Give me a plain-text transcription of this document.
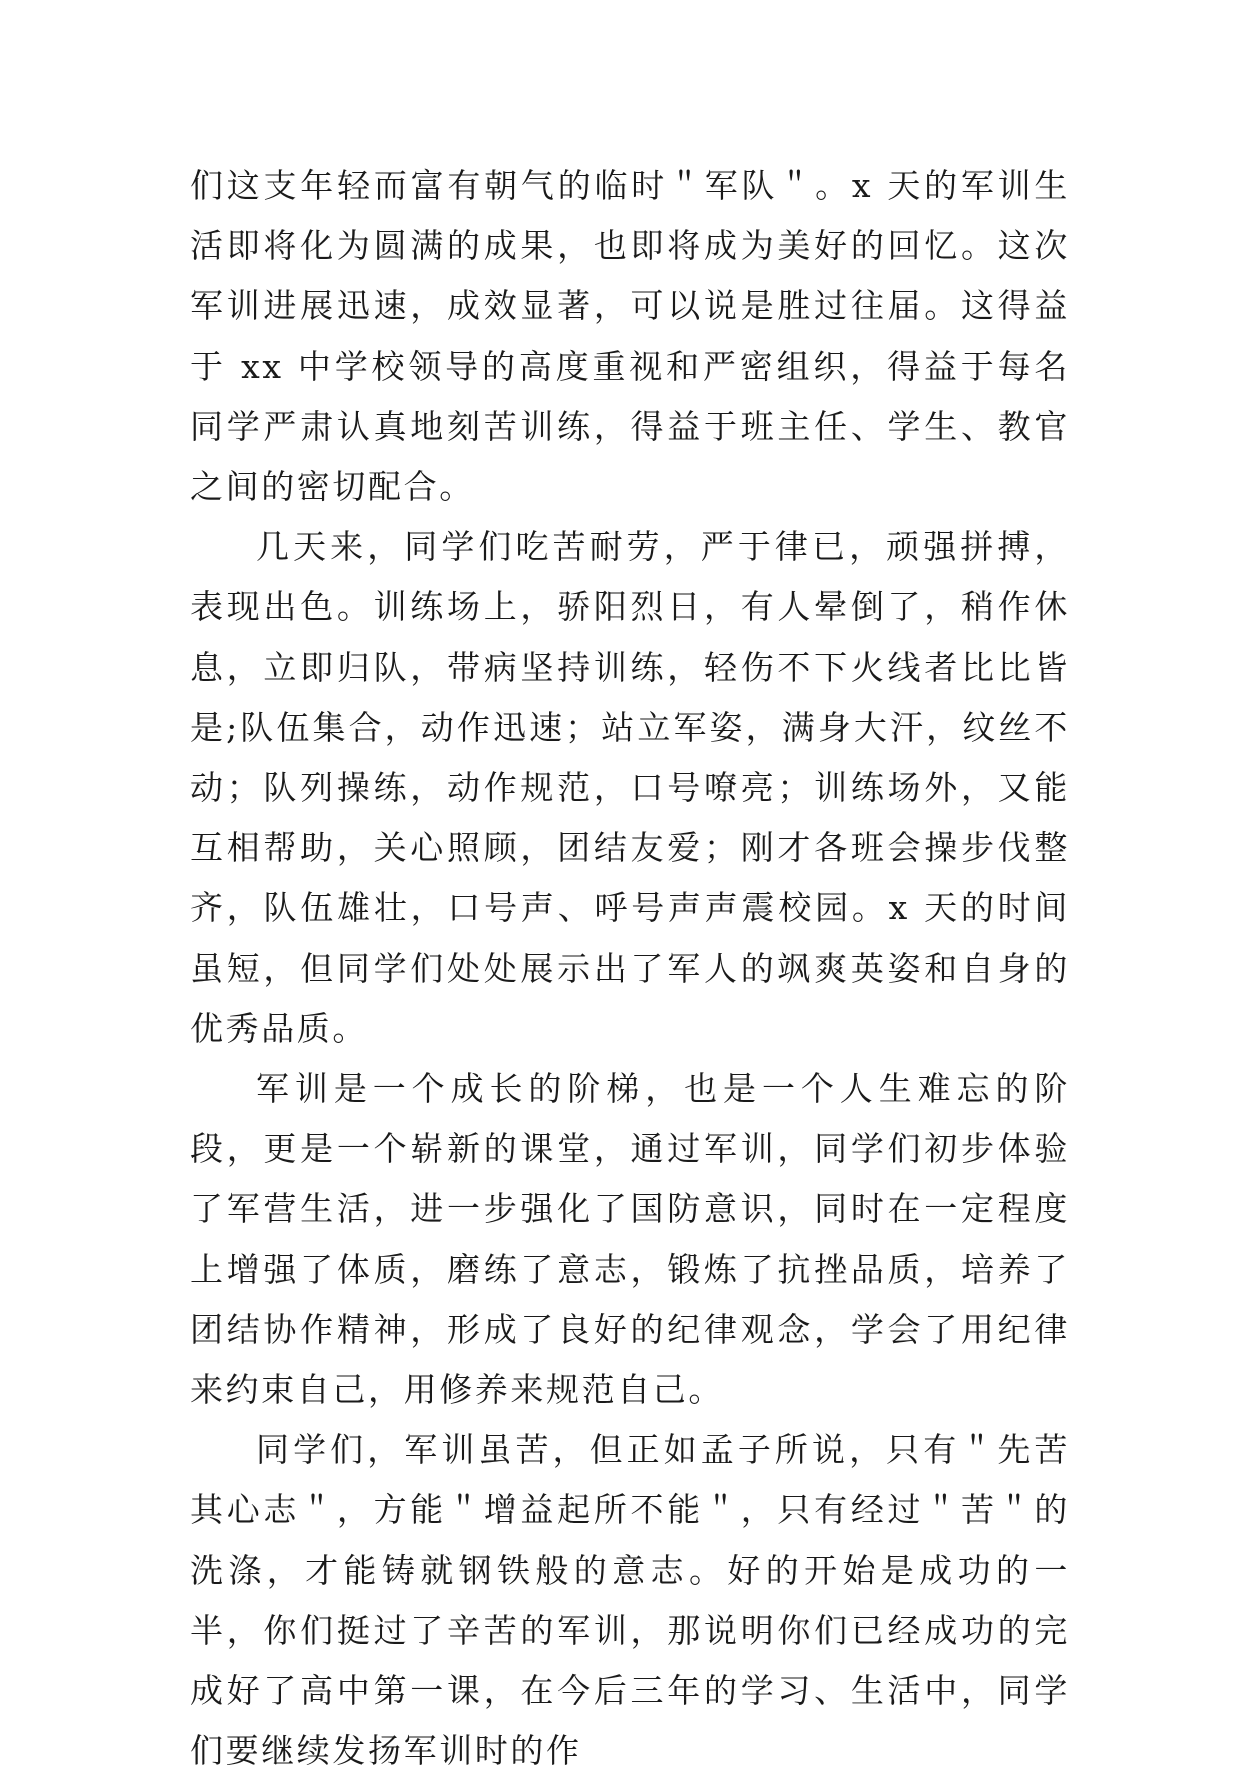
们这支年轻而富有朝气的临时＂军队＂。x 天的军训生活即将化为圆满的成果，也即将成为美好的回忆。这次军训进展迅速，成效显著，可以说是胜过往届。这得益于 xx 中学校领导的高度重视和严密组织，得益于每名同学严肃认真地刻苦训练，得益于班主任、学生、教官之间的密切配合。

几天来，同学们吃苦耐劳，严于律已，顽强拼搏，表现出色。训练场上，骄阳烈日，有人晕倒了，稍作休息，立即归队，带病坚持训练，轻伤不下火线者比比皆是;队伍集合，动作迅速；站立军姿，满身大汗，纹丝不动；队列操练，动作规范，口号嘹亮；训练场外，又能互相帮助，关心照顾，团结友爱；刚才各班会操步伐整齐，队伍雄壮，口号声、呼号声声震校园。x 天的时间虽短，但同学们处处展示出了军人的飒爽英姿和自身的优秀品质。

军训是一个成长的阶梯，也是一个人生难忘的阶段，更是一个崭新的课堂，通过军训，同学们初步体验了军营生活，进一步强化了国防意识，同时在一定程度上增强了体质，磨练了意志，锻炼了抗挫品质，培养了团结协作精神，形成了良好的纪律观念，学会了用纪律来约束自己，用修养来规范自己。

同学们，军训虽苦，但正如孟子所说，只有＂先苦其心志＂，方能＂增益起所不能＂，只有经过＂苦＂的洗涤，才能铸就钢铁般的意志。好的开始是成功的一半，你们挺过了辛苦的军训，那说明你们已经成功的完成好了高中第一课，在今后三年的学习、生活中，同学们要继续发扬军训时的作
